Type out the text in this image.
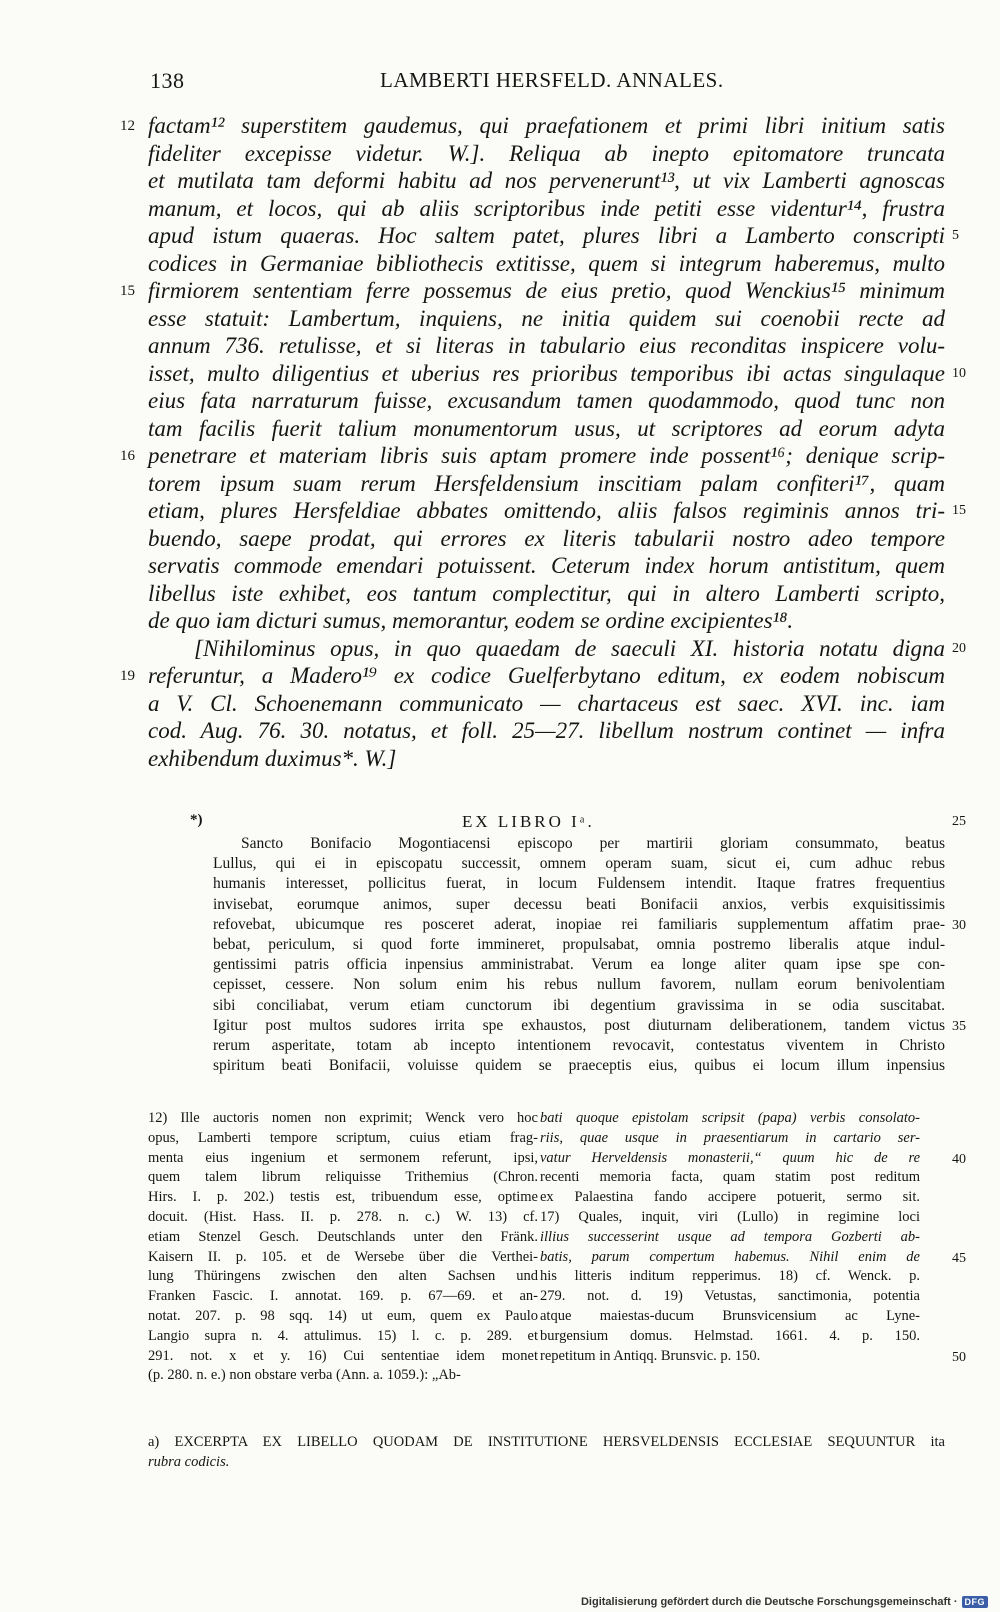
138	LAMBERTI HERSFELD. ANNALES.
factam¹² superstitem gaudemus, qui praefationem et primi libri initium satis
fideliter excepisse videtur. W.]. Reliqua ab inepto epitomatore truncata
et mutilata tam deformi habitu ad nos pervenerunt¹³, ut vix Lamberti agnoscas
manum, et locos, qui ab aliis scriptoribus inde petiti esse videntur¹⁴, frustra
apud istum quaeras. Hoc saltem patet, plures libri a Lamberto conscripti
codices in Germaniae bibliothecis extitisse, quem si integrum haberemus, multo
firmiorem sententiam ferre possemus de eius pretio, quod Wenckius¹⁵ minimum
esse statuit: Lambertum, inquiens, ne initia quidem sui coenobii recte ad
annum 736. retulisse, et si literas in tabulario eius reconditas inspicere volu-
isset, multo diligentius et uberius res prioribus temporibus ibi actas singulaque
eius fata narraturum fuisse, excusandum tamen quodammodo, quod tunc non
tam facilis fuerit talium monumentorum usus, ut scriptores ad eorum adyta
penetrare et materiam libris suis aptam promere inde possent¹⁶; denique scrip-
torem ipsum suam rerum Hersfeldensium inscitiam palam confiteri¹⁷, quam
etiam, plures Hersfeldiae abbates omittendo, aliis falsos regiminis annos tri-
buendo, saepe prodat, qui errores ex literis tabularii nostro adeo tempore
servatis commode emendari potuissent. Ceterum index horum antistitum, quem
libellus iste exhibet, eos tantum complectitur, qui in altero Lamberti scripto,
de quo iam dicturi sumus, memorantur, eodem se ordine excipientes¹⁸.
[Nihilominus opus, in quo quaedam de saeculi XI. historia notatu digna
referuntur, a Madero¹⁹ ex codice Guelferbytano editum, ex eodem nobiscum
a V. Cl. Schoenemann communicato — chartaceus est saec. XVI. inc. iam
cod. Aug. 76. 30. notatus, et foll. 25—27. libellum nostrum continet — infra
exhibendum duximus*. W.]
12
5
15
10
16
15
20
19
*)	EX LIBRO Iᵃ.	25
Sancto Bonifacio Mogontiacensi episcopo per martirii gloriam consummato, beatus
Lullus, qui ei in episcopatu successit, omnem operam suam, sicut ei, cum adhuc rebus
humanis interesset, pollicitus fuerat, in locum Fuldensem intendit. Itaque fratres frequentius
invisebat, eorumque animos, super decessu beati Bonifacii anxios, verbis exquisitissimis
refovebat, ubicumque res posceret aderat, inopiae rei familiaris supplementum affatim prae-
bebat, periculum, si quod forte immineret, propulsabat, omnia postremo liberalis atque indul-
gentissimi patris officia inpensius amministrabat. Verum ea longe aliter quam ipse spe con-
cepisset, cessere. Non solum enim his rebus nullum favorem, nullam eorum benivolentiam
sibi conciliabat, verum etiam cunctorum ibi degentium gravissima in se odia suscitabat.
Igitur post multos sudores irrita spe exhaustos, post diuturnam deliberationem, tandem victus
rerum asperitate, totam ab incepto intentionem revocavit, contestatus viventem in Christo
spiritum beati Bonifacii, voluisse quidem se praeceptis eius, quibus ei locum illum inpensius
30
35
12) Ille auctoris nomen non exprimit; Wenck vero hoc
opus, Lamberti tempore scriptum, cuius etiam frag-
menta eius ingenium et sermonem referunt, ipsi,
quem talem librum reliquisse Trithemius (Chron.
Hirs. I. p. 202.) testis est, tribuendum esse, optime
docuit. (Hist. Hass. II. p. 278. n. c.) W. 13) cf.
etiam Stenzel Gesch. Deutschlands unter den Fränk.
Kaisern II. p. 105. et de Wersebe über die Verthei-
lung Thüringens zwischen den alten Sachsen und
Franken Fascic. I. annotat. 169. p. 67—69. et an-
notat. 207. p. 98 sqq. 14) ut eum, quem ex Paulo
Langio supra n. 4. attulimus. 15) l. c. p. 289. et
291. not. x et y. 16) Cui sententiae idem monet
(p. 280. n. e.) non obstare verba (Ann. a. 1059.): „Ab-
bati quoque epistolam scripsit (papa) verbis consolato-
riis, quae usque in praesentiarum in cartario ser-
vatur Herveldensis monasterii,“ quum hic de re
recenti memoria facta, quam statim post reditum
ex Palaestina fando accipere potuerit, sermo sit.
17) Quales, inquit, viri (Lullo) in regimine loci
illius successerint usque ad tempora Gozberti ab-
batis, parum compertum habemus. Nihil enim de
his litteris inditum repperimus. 18) cf. Wenck. p.
279. not. d. 19) Vetustas, sanctimonia, potentia
atque maiestas-ducum Brunsvicensium ac Lyne-
burgensium domus. Helmstad. 1661. 4. p. 150.
repetitum in Antiqq. Brunsvic. p. 150.
40
45
50
a) EXCERPTA EX LIBELLO QUODAM DE INSTITUTIONE HERSVELDENSIS ECCLESIAE SEQUUNTUR ita
rubra codicis.
Digitalisierung gefördert durch die Deutsche Forschungsgemeinschaft · DFG
